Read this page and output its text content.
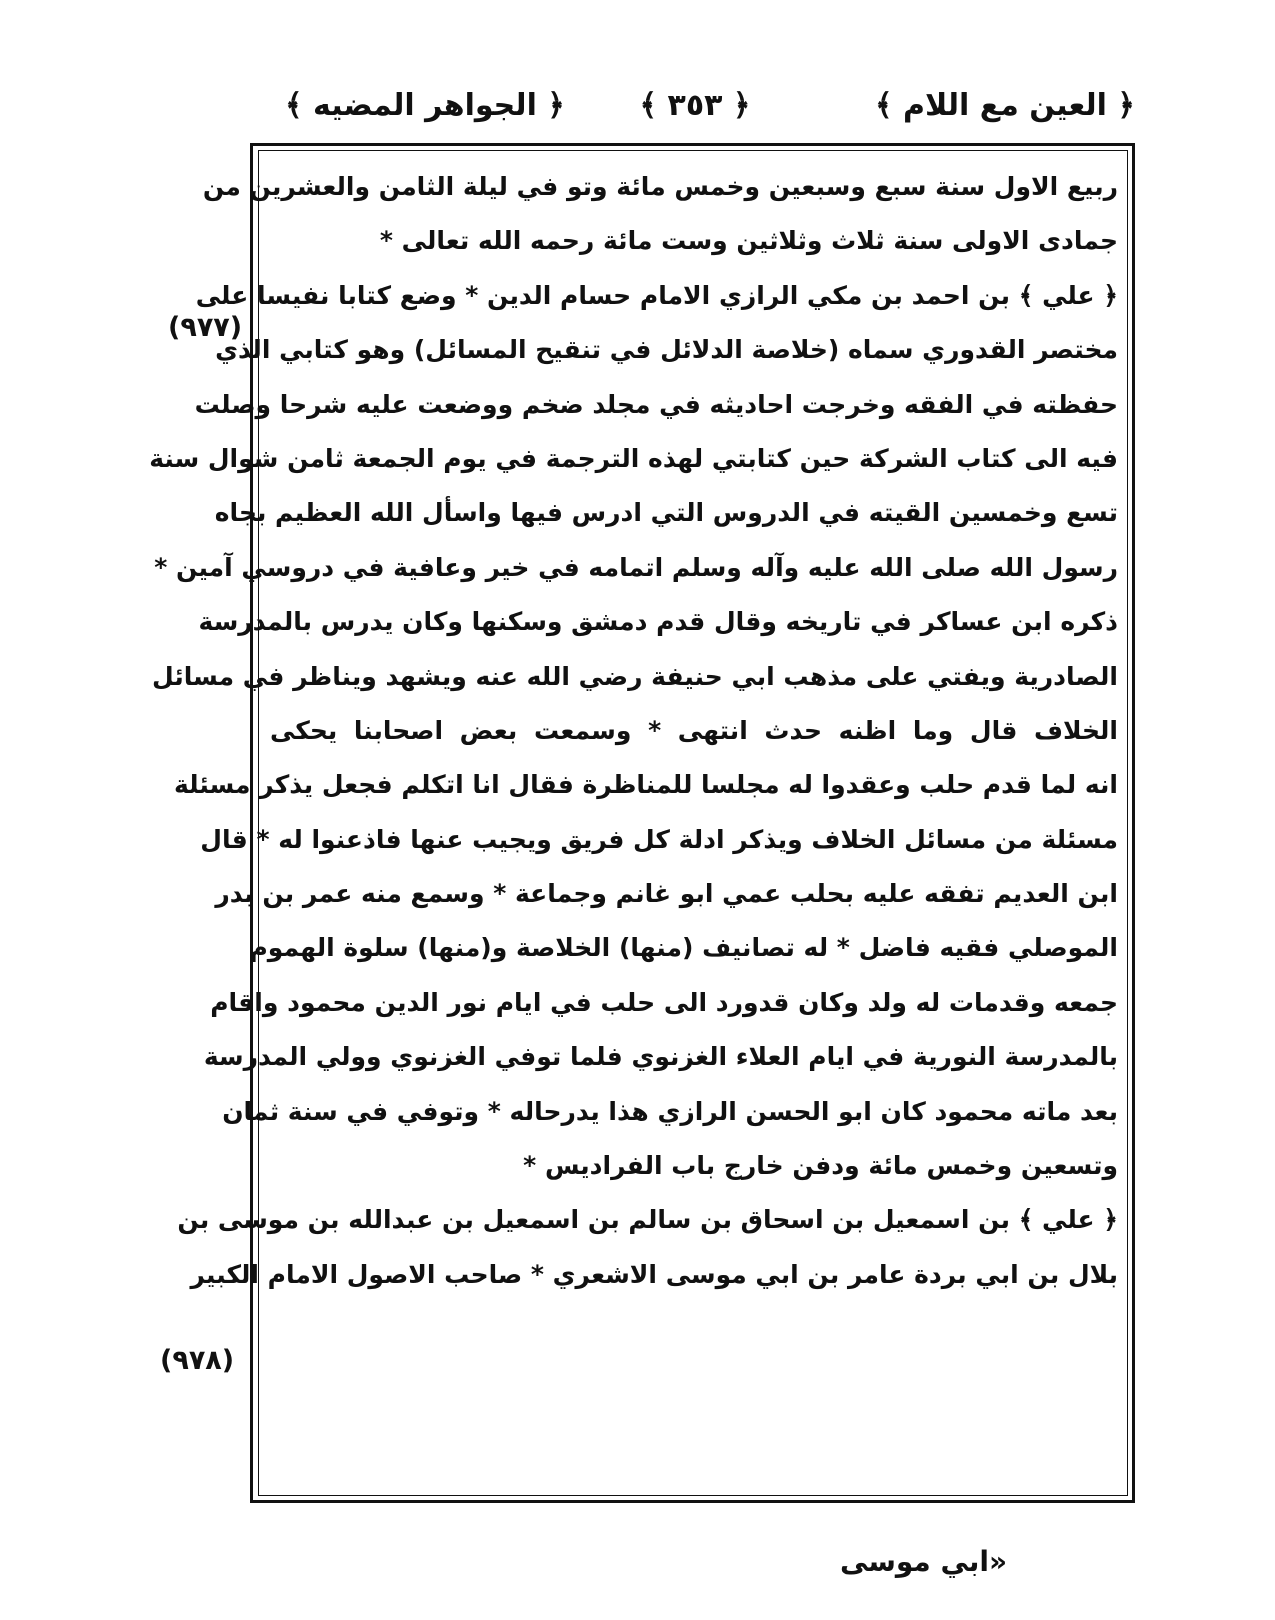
﴿ العين مع اللام ﴾
﴿ ٣٥٣ ﴾
﴿ الجواهر المضيه ﴾
(٩٧٧)
(٩٧٨)
ربيع الاول سنة سبع وسبعين وخمس مائة وتو في ليلة الثامن والعشرين من
جمادى الاولى سنة ثلاث وثلاثين وست مائة رحمه الله تعالى *
﴿ علي ﴾ بن احمد بن مكي الرازي الامام حسام الدين * وضع كتابا نفيسا على
مختصر القدوري سماه (خلاصة الدلائل في تنقيح المسائل) وهو كتابي الذي
حفظته في الفقه وخرجت احاديثه في مجلد ضخم ووضعت عليه شرحا وصلت
فيه الى كتاب الشركة حين كتابتي لهذه الترجمة في يوم الجمعة ثامن شوال سنة
تسع وخمسين القيته في الدروس التي ادرس فيها واسأل الله العظيم بجاه
رسول الله صلى الله عليه وآله وسلم اتمامه في خير وعافية في دروسي آمين *
ذكره ابن عساكر في تاريخه وقال قدم دمشق وسكنها وكان يدرس بالمدرسة
الصادرية ويفتي على مذهب ابي حنيفة رضي الله عنه ويشهد ويناظر في مسائل
الخلاف قال وما اظنه حدث انتهى * وسمعت بعض اصحابنا يحكى
انه لما قدم حلب وعقدوا له مجلسا للمناظرة فقال انا اتكلم فجعل يذكر مسئلة
مسئلة من مسائل الخلاف ويذكر ادلة كل فريق ويجيب عنها فاذعنوا له * قال
ابن العديم تفقه عليه بحلب عمي ابو غانم وجماعة * وسمع منه عمر بن بدر
الموصلي فقيه فاضل * له تصانيف (منها) الخلاصة و(منها) سلوة الهموم
جمعه وقدمات له ولد وكان قدورد الى حلب في ايام نور الدين محمود واقام
بالمدرسة النورية في ايام العلاء الغزنوي فلما توفي الغزنوي وولي المدرسة
بعد ماته محمود كان ابو الحسن الرازي هذا يدرحاله * وتوفي في سنة ثمان
وتسعين وخمس مائة ودفن خارج باب الفراديس *
﴿ علي ﴾ بن اسمعيل بن اسحاق بن سالم بن اسمعيل بن عبدالله بن موسى بن
بلال بن ابي بردة عامر بن ابي موسى الاشعري * صاحب الاصول الامام الكبير
«ابي موسى
